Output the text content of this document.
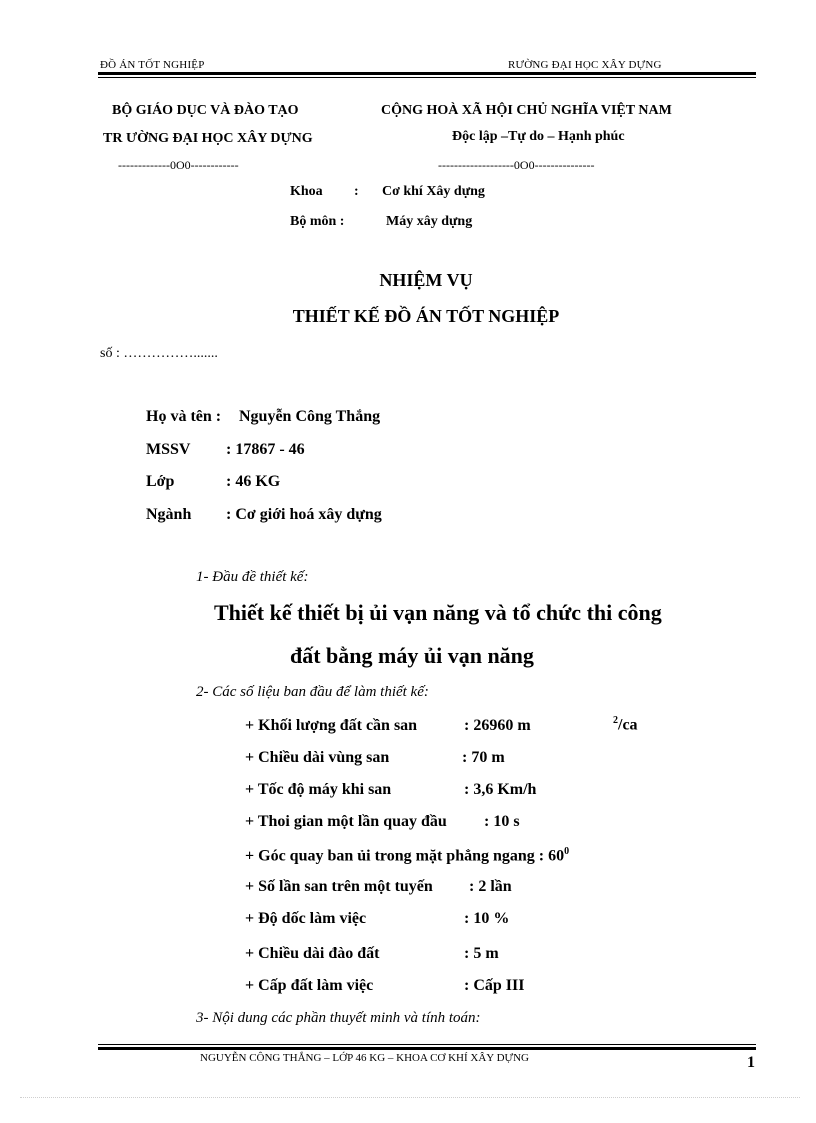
ĐỒ ÁN TỐT NGHIỆP	RƯỜNG ĐẠI HỌC XÂY DỰNG
BỘ GIÁO DỤC VÀ ĐÀO TẠO
TR ƯỜNG ĐẠI HỌC XÂY DỰNG
-------------0O0------------
CỘNG HOÀ XÃ HỘI CHỦ NGHĨA VIỆT NAM
Độc lập –Tự do – Hạnh phúc
-------------------0O0---------------
Khoa : Cơ khí Xây dựng
Bộ môn :	Máy xây dựng
NHIỆM VỤ
THIẾT KẾ ĐỒ ÁN TỐT NGHIỆP
số : …………….......
Họ và tên : Nguyễn Công Thắng
MSSV : 17867 - 46
Lớp	: 46 KG
Ngành : Cơ giới hoá xây dựng
1- Đầu đề thiết kế:
Thiết kế thiết bị ủi vạn năng và tổ chức thi công
đất bằng máy ủi vạn năng
2- Các số liệu ban đầu để làm thiết kế:
+ Khối lượng đất cần san	: 26960 m	$^2$/ca
+ Chiều dài vùng san	: 70 m
+ Tốc độ máy khi san	: 3,6 Km/h
+ Thoi gian một lần quay đầu : 10 s
+ Góc quay ban ủi trong mặt phẳng ngang : $60^0$
+ Số lần san trên một tuyến : 2 lần
+ Độ dốc làm việc	: 10 %
+ Chiều dài đào đất	: 5 m
+ Cấp đất làm việc	: Cấp III
3- Nội dung các phần thuyết minh và tính toán:
NGUYỄN CÔNG THẮNG – LỚP 46 KG – KHOA CƠ KHÍ XÂY DỰNG	1
